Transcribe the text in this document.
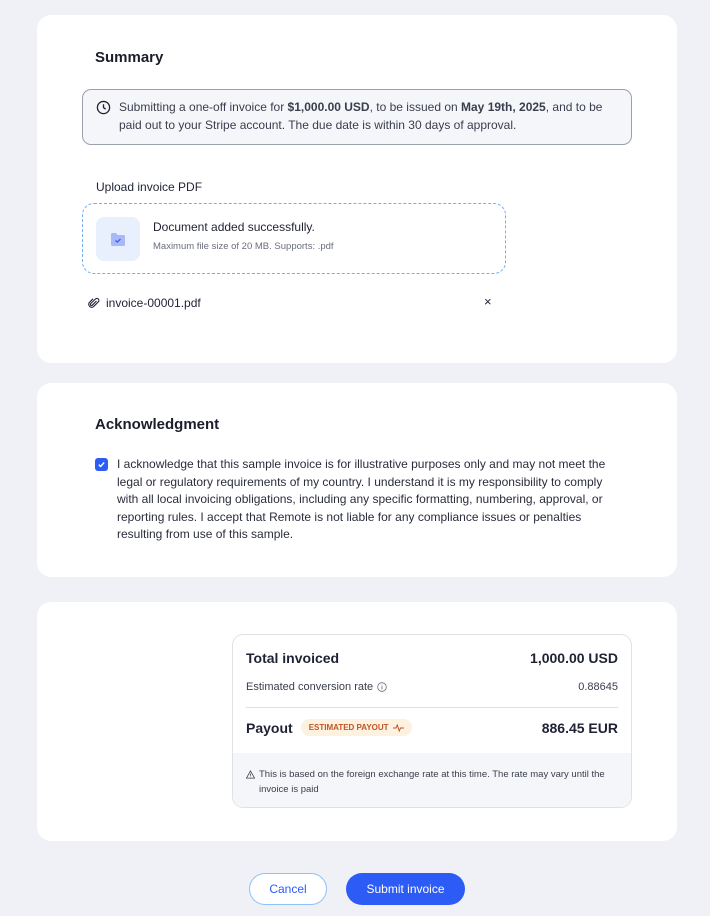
Summary
Submitting a one-off invoice for $1,000.00 USD, to be issued on May 19th, 2025, and to be paid out to your Stripe account. The due date is within 30 days of approval.
Upload invoice PDF
Document added successfully.
Maximum file size of 20 MB. Supports: .pdf
invoice-00001.pdf	×
Acknowledgment
I acknowledge that this sample invoice is for illustrative purposes only and may not meet the legal or regulatory requirements of my country. I understand it is my responsibility to comply with all local invoicing obligations, including any specific formatting, numbering, approval, or reporting rules. I accept that Remote is not liable for any compliance issues or penalties resulting from use of this sample.
Total invoiced	1,000.00 USD
Estimated conversion rate	0.88645
Payout ESTIMATED PAYOUT	886.45 EUR
This is based on the foreign exchange rate at this time. The rate may vary until the invoice is paid
Cancel	Submit invoice
